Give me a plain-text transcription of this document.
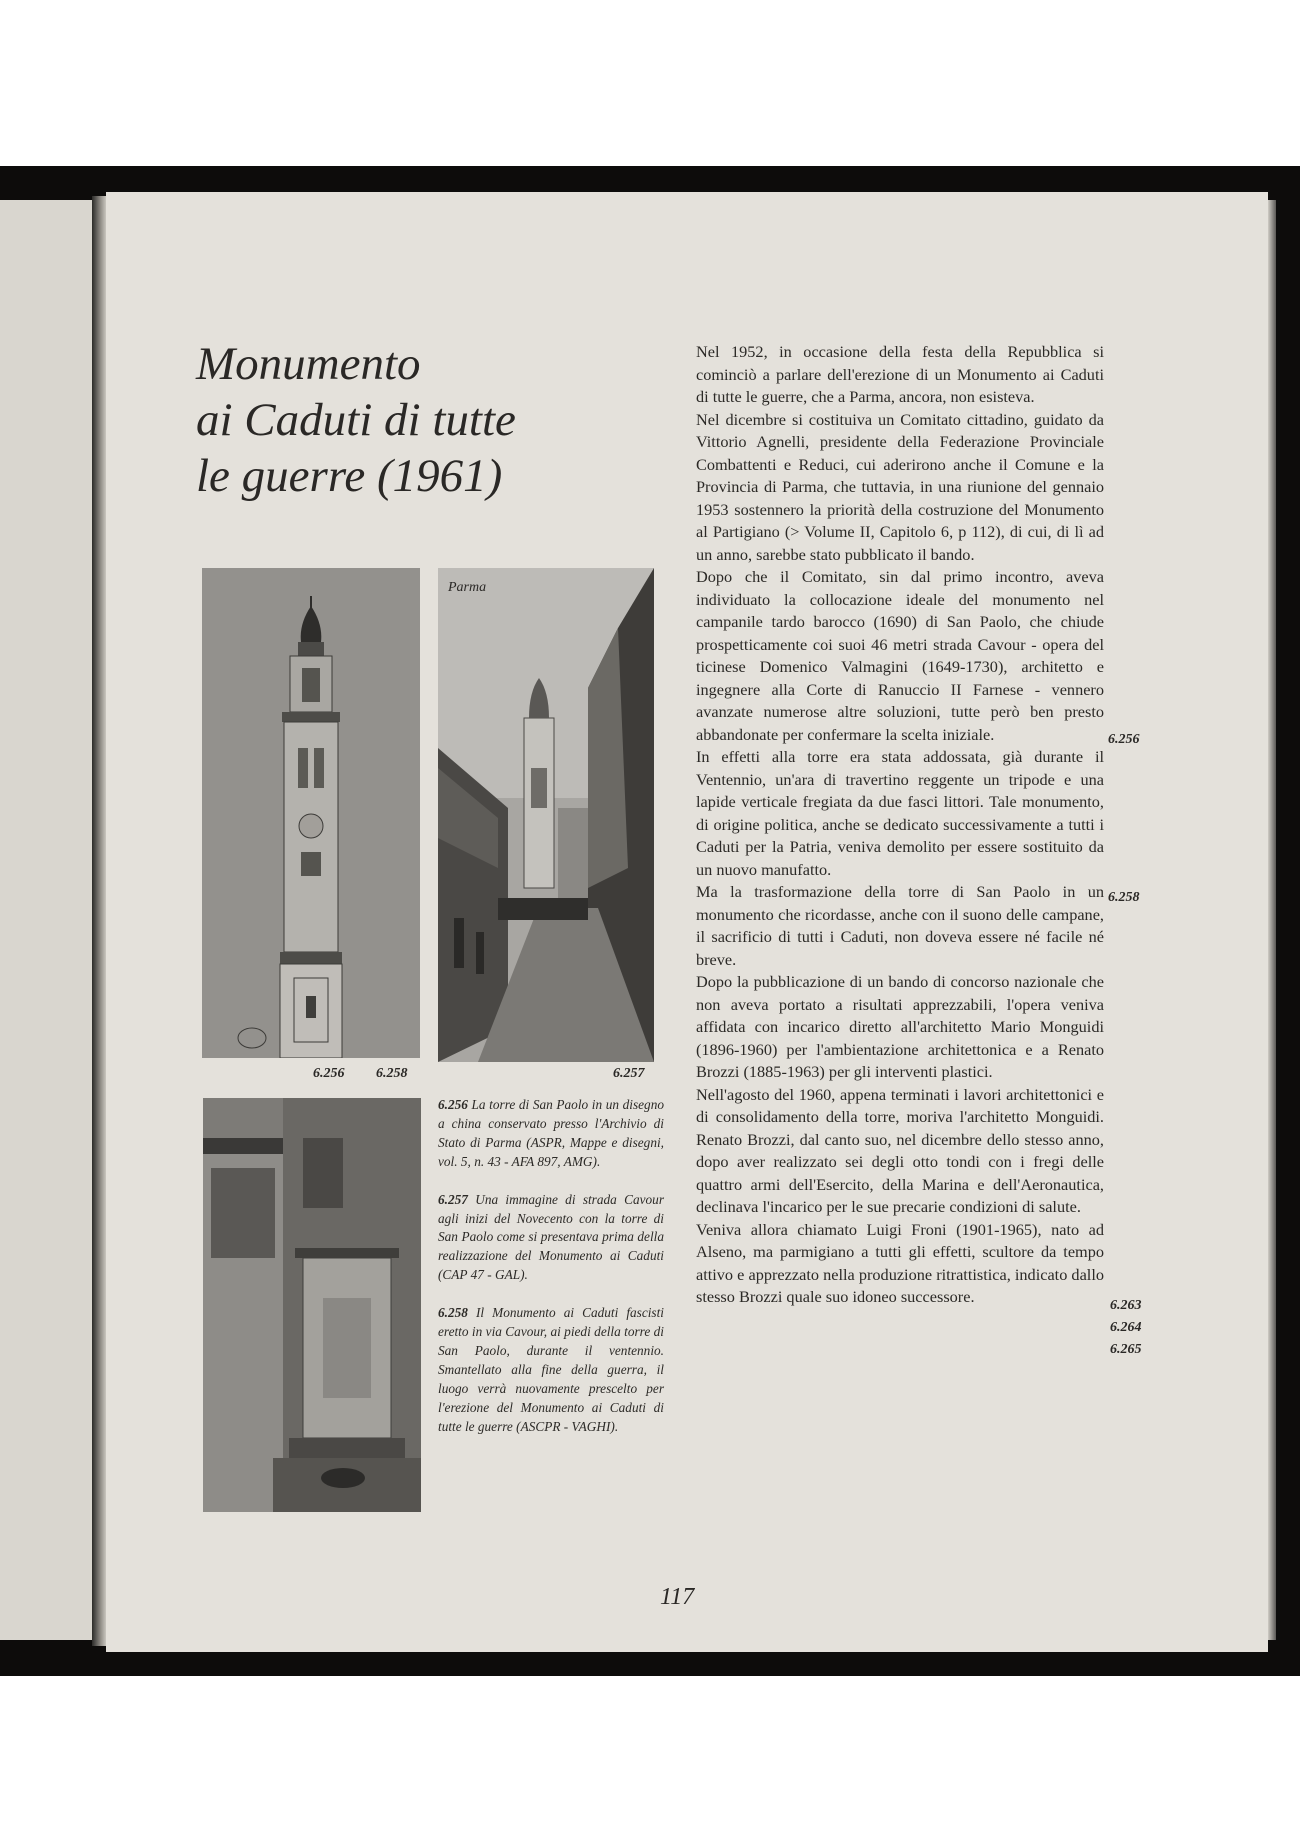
Monumento
ai Caduti di tutte
le guerre (1961)
6.256 6.258
Parma
6.257

6.256 La torre di San Paolo in un disegno a china conservato presso l'Archivio di Stato di Parma (ASPR, Mappe e disegni, vol. 5, n. 43 - AFA 897, AMG).

6.257 Una immagine di strada Cavour agli inizi del Novecento con la torre di San Paolo come si presentava prima della realizzazione del Monumento ai Caduti (CAP 47 - GAL).

6.258 Il Monumento ai Caduti fascisti eretto in via Cavour, ai piedi della torre di San Paolo, durante il ventennio. Smantellato alla fine della guerra, il luogo verrà nuovamente prescelto per l'erezione del Monumento ai Caduti di tutte le guerre (ASCPR - VAGHI).

Nel 1952, in occasione della festa della Repubblica si cominciò a parlare dell'erezione di un Monumento ai Caduti di tutte le guerre, che a Parma, ancora, non esisteva.

Nel dicembre si costituiva un Comitato cittadino, guidato da Vittorio Agnelli, presidente della Federazione Provinciale Combattenti e Reduci, cui aderirono anche il Comune e la Provincia di Parma, che tuttavia, in una riunione del gennaio 1953 sostennero la priorità della costruzione del Monumento al Partigiano (> Volume II, Capitolo 6, p 112), di cui, di lì ad un anno, sarebbe stato pubblicato il bando.

Dopo che il Comitato, sin dal primo incontro, aveva individuato la collocazione ideale del monumento nel campanile tardo barocco (1690) di San Paolo, che chiude prospetticamente coi suoi 46 metri strada Cavour - opera del ticinese Domenico Valmagini (1649-1730), architetto e ingegnere alla Corte di Ranuccio II Farnese - vennero avanzate numerose altre soluzioni, tutte però ben presto abbandonate per confermare la scelta iniziale.

In effetti alla torre era stata addossata, già durante il Ventennio, un'ara di travertino reggente un tripode e una lapide verticale fregiata da due fasci littori. Tale monumento, di origine politica, anche se dedicato successivamente a tutti i Caduti per la Patria, veniva demolito per essere sostituito da un nuovo manufatto.

Ma la trasformazione della torre di San Paolo in un monumento che ricordasse, anche con il suono delle campane, il sacrificio di tutti i Caduti, non doveva essere né facile né breve.

Dopo la pubblicazione di un bando di concorso nazionale che non aveva portato a risultati apprezzabili, l'opera veniva affidata con incarico diretto all'architetto Mario Monguidi (1896-1960) per l'ambientazione architettonica e a Renato Brozzi (1885-1963) per gli interventi plastici.

Nell'agosto del 1960, appena terminati i lavori architettonici e di consolidamento della torre, moriva l'architetto Monguidi. Renato Brozzi, dal canto suo, nel dicembre dello stesso anno, dopo aver realizzato sei degli otto tondi con i fregi delle quattro armi dell'Esercito, della Marina e dell'Aeronautica, declinava l'incarico per le sue precarie condizioni di salute.

Veniva allora chiamato Luigi Froni (1901-1965), nato ad Alseno, ma parmigiano a tutti gli effetti, scultore da tempo attivo e apprezzato nella produzione ritrattistica, indicato dallo stesso Brozzi quale suo idoneo successore.

6.256
6.258
6.263
6.264
6.265
117
